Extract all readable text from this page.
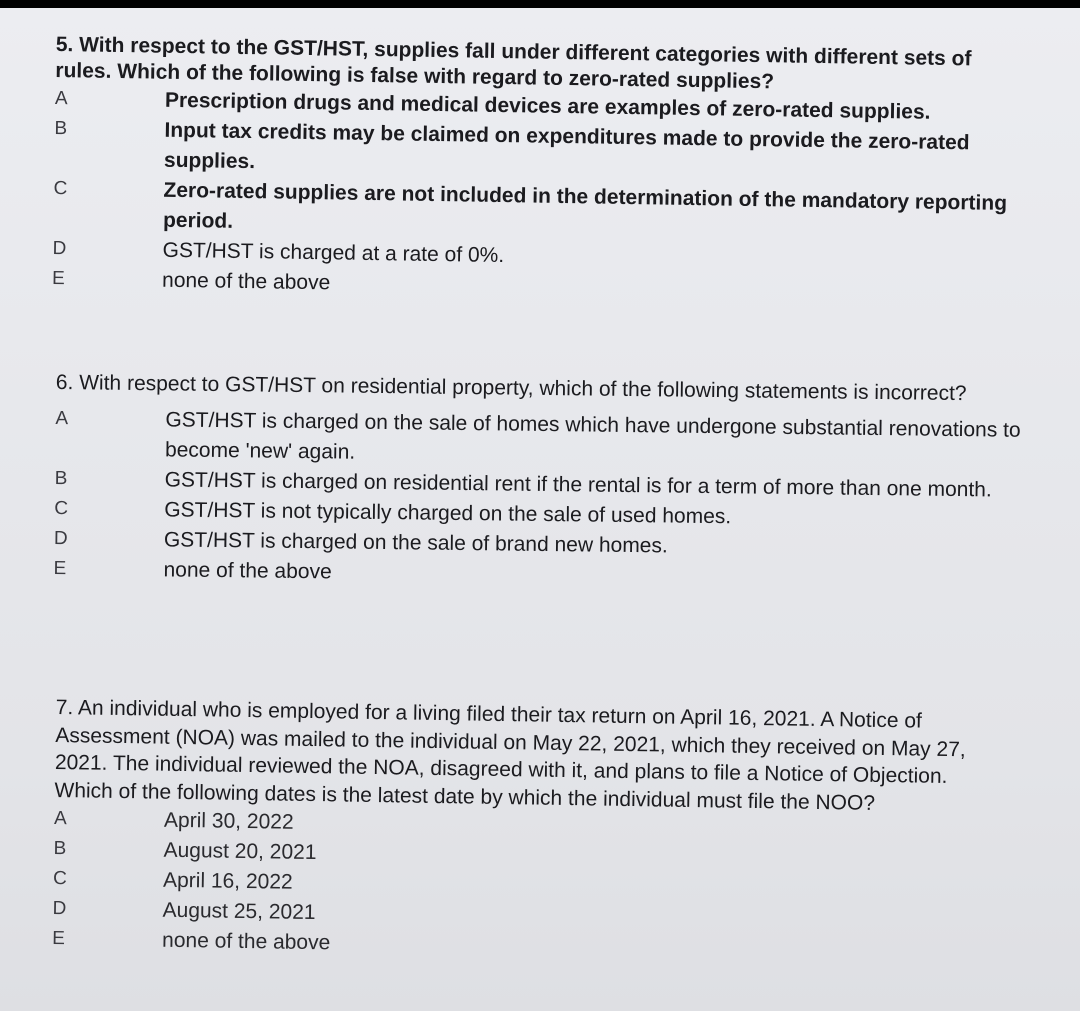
5. With respect to the GST/HST, supplies fall under different categories with different sets of rules. Which of the following is false with regard to zero-rated supplies?

A	Prescription drugs and medical devices are examples of zero-rated supplies.
B	Input tax credits may be claimed on expenditures made to provide the zero-rated supplies.
C	Zero-rated supplies are not included in the determination of the mandatory reporting period.
D	GST/HST is charged at a rate of 0%.
E	none of the above

6. With respect to GST/HST on residential property, which of the following statements is incorrect?

A	GST/HST is charged on the sale of homes which have undergone substantial renovations to become 'new' again.
B	GST/HST is charged on residential rent if the rental is for a term of more than one month.
C	GST/HST is not typically charged on the sale of used homes.
D	GST/HST is charged on the sale of brand new homes.
E	none of the above

7. An individual who is employed for a living filed their tax return on April 16, 2021. A Notice of Assessment (NOA) was mailed to the individual on May 22, 2021, which they received on May 27, 2021. The individual reviewed the NOA, disagreed with it, and plans to file a Notice of Objection. Which of the following dates is the latest date by which the individual must file the NOO?

A	April 30, 2022
B	August 20, 2021
C	April 16, 2022
D	August 25, 2021
E	none of the above
